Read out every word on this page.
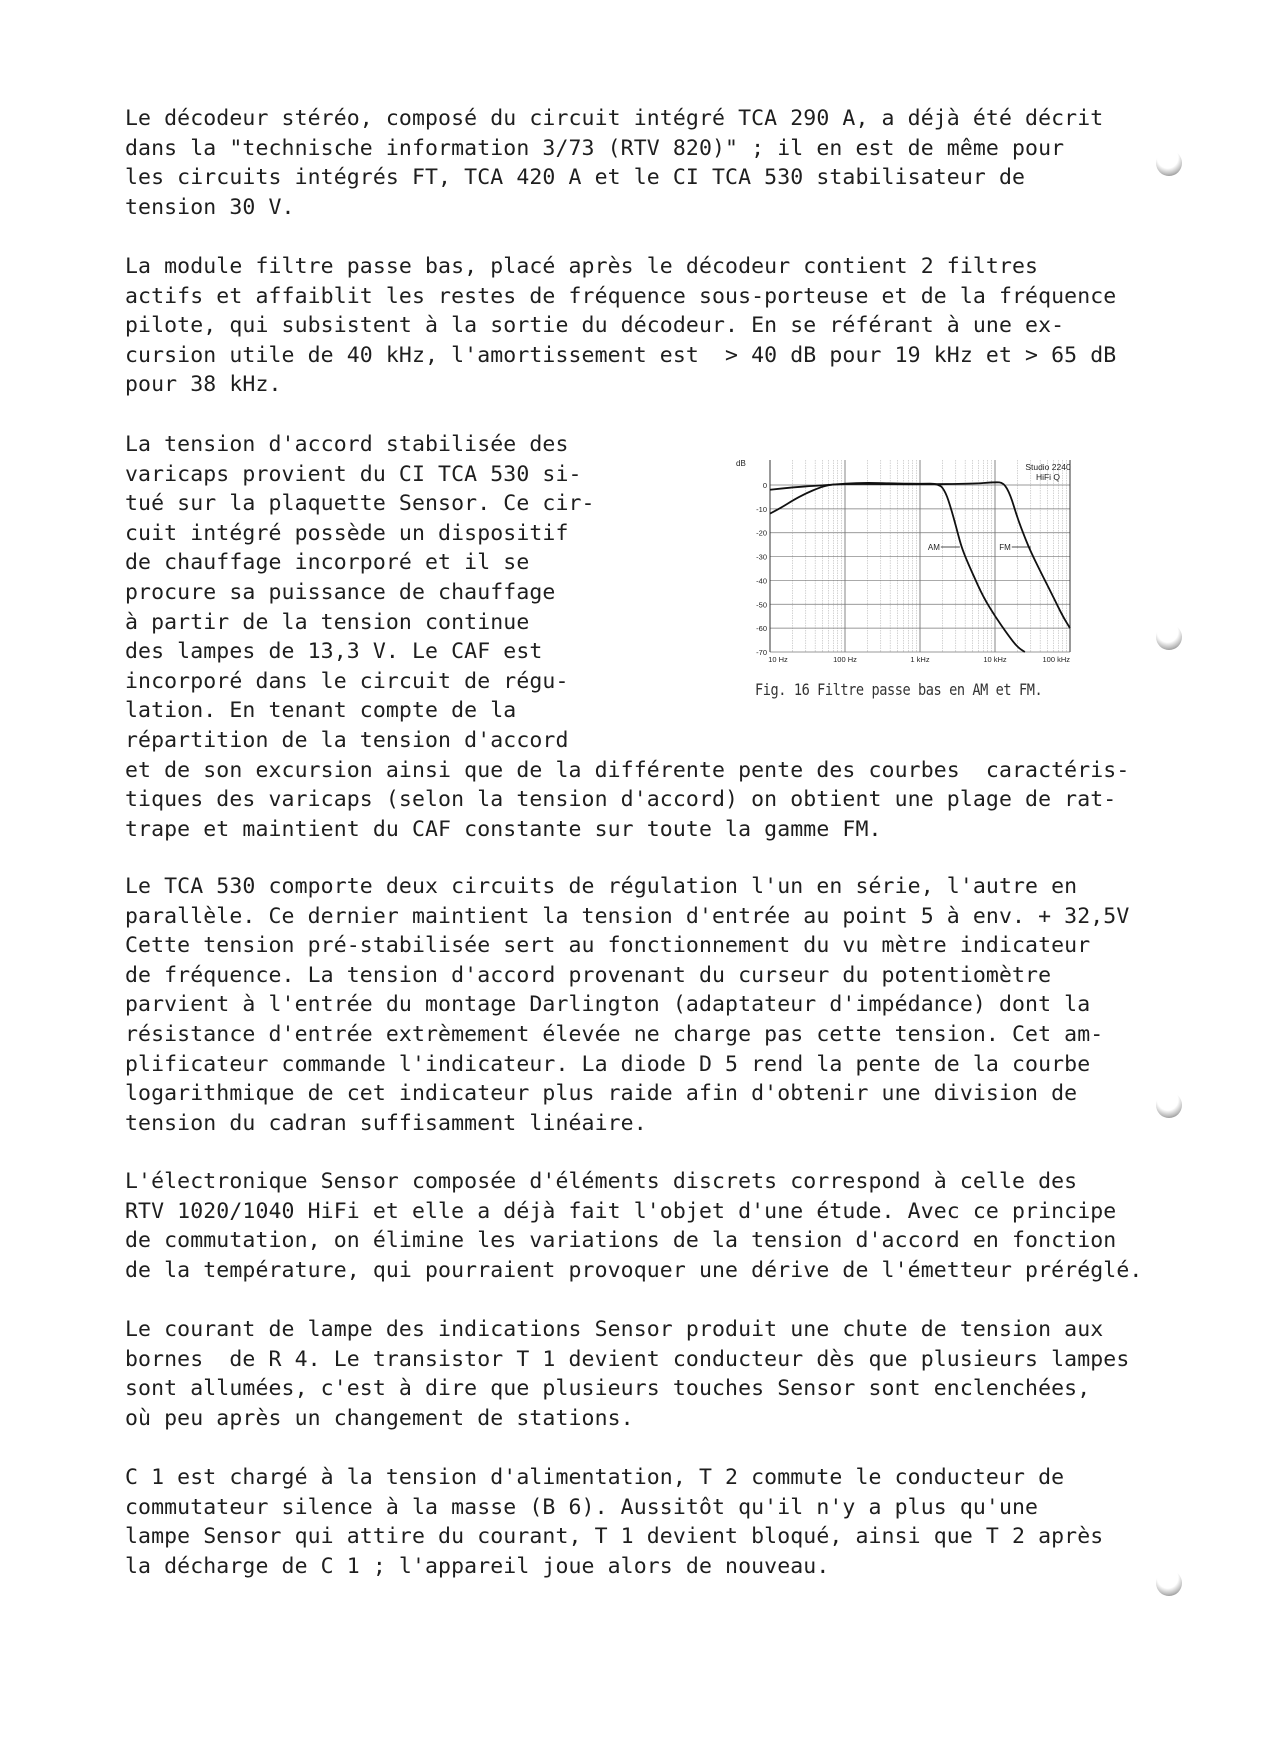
Le décodeur stéréo, composé du circuit intégré TCA 290 A, a déjà été décrit
dans la "technische information 3/73 (RTV 820)" ; il en est de même pour
les circuits intégrés FT, TCA 420 A et le CI TCA 530 stabilisateur de
tension 30 V.
La module filtre passe bas, placé après le décodeur contient 2 filtres
actifs et affaiblit les restes de fréquence sous-porteuse et de la fréquence
pilote, qui subsistent à la sortie du décodeur. En se référant à une ex-
cursion utile de 40 kHz, l'amortissement est  > 40 dB pour 19 kHz et > 65 dB
pour 38 kHz.
La tension d'accord stabilisée des
varicaps provient du CI TCA 530 si-
tué sur la plaquette Sensor. Ce cir-
cuit intégré possède un dispositif
de chauffage incorporé et il se
procure sa puissance de chauffage
à partir de la tension continue
des lampes de 13,3 V. Le CAF est
incorporé dans le circuit de régu-
lation. En tenant compte de la
répartition de la tension d'accord
et de son excursion ainsi que de la différente pente des courbes  caractéris-
tiques des varicaps (selon la tension d'accord) on obtient une plage de rat-
trape et maintient du CAF constante sur toute la gamme FM.
Le TCA 530 comporte deux circuits de régulation l'un en série, l'autre en
parallèle. Ce dernier maintient la tension d'entrée au point 5 à env. + 32,5V
Cette tension pré-stabilisée sert au fonctionnement du vu mètre indicateur
de fréquence. La tension d'accord provenant du curseur du potentiomètre
parvient à l'entrée du montage Darlington (adaptateur d'impédance) dont la
résistance d'entrée extrèmement élevée ne charge pas cette tension. Cet am-
plificateur commande l'indicateur. La diode D 5 rend la pente de la courbe
logarithmique de cet indicateur plus raide afin d'obtenir une division de
tension du cadran suffisamment linéaire.
L'électronique Sensor composée d'éléments discrets correspond à celle des
RTV 1020/1040 HiFi et elle a déjà fait l'objet d'une étude. Avec ce principe
de commutation, on élimine les variations de la tension d'accord en fonction
de la température, qui pourraient provoquer une dérive de l'émetteur préréglé.
Le courant de lampe des indications Sensor produit une chute de tension aux
bornes  de R 4. Le transistor T 1 devient conducteur dès que plusieurs lampes
sont allumées, c'est à dire que plusieurs touches Sensor sont enclenchées,
où peu après un changement de stations.
C 1 est chargé à la tension d'alimentation, T 2 commute le conducteur de
commutateur silence à la masse (B 6). Aussitôt qu'il n'y a plus qu'une
lampe Sensor qui attire du courant, T 1 devient bloqué, ainsi que T 2 après
la décharge de C 1 ; l'appareil joue alors de nouveau.
0
-10
-20
-30
-40
-50
-60
-70
10 Hz	100 Hz	1 kHz	10 kHz	100 kHz
AM	FM
dB	Studio 2240
HiFi Q
Fig. 16 Filtre passe bas en AM et FM.
